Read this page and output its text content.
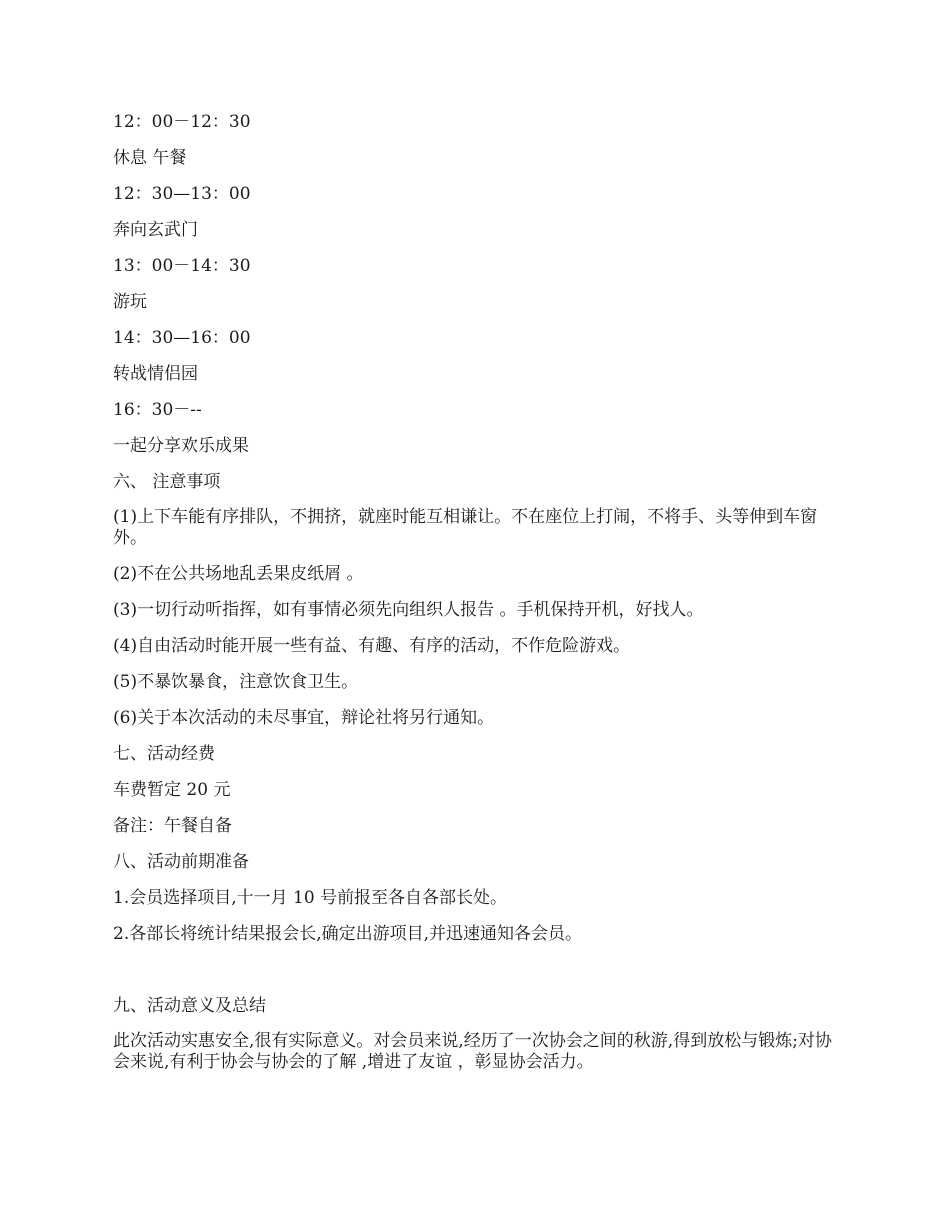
12：00－12：30
休息 午餐
12：30—13：00
奔向玄武门
13：00－14：30
游玩
14：30—16：00
转战情侣园
16：30－--
一起分享欢乐成果
六、 注意事项
(1)上下车能有序排队，不拥挤，就座时能互相谦让。不在座位上打闹，不将手、头等伸到车窗外。
(2)不在公共场地乱丢果皮纸屑 。
(3)一切行动听指挥，如有事情必须先向组织人报告 。手机保持开机，好找人。
(4)自由活动时能开展一些有益、有趣、有序的活动，不作危险游戏。
(5)不暴饮暴食，注意饮食卫生。
(6)关于本次活动的未尽事宜，辩论社将另行通知。
七、活动经费
车费暂定 20 元
备注：午餐自备
八、活动前期准备
1.会员选择项目,十一月 10 号前报至各自各部长处。
2.各部长将统计结果报会长,确定出游项目,并迅速通知各会员。
九、活动意义及总结
此次活动实惠安全,很有实际意义。对会员来说,经历了一次协会之间的秋游,得到放松与锻炼;对协会来说,有利于协会与协会的了解 ,增进了友谊 ，彰显协会活力。
